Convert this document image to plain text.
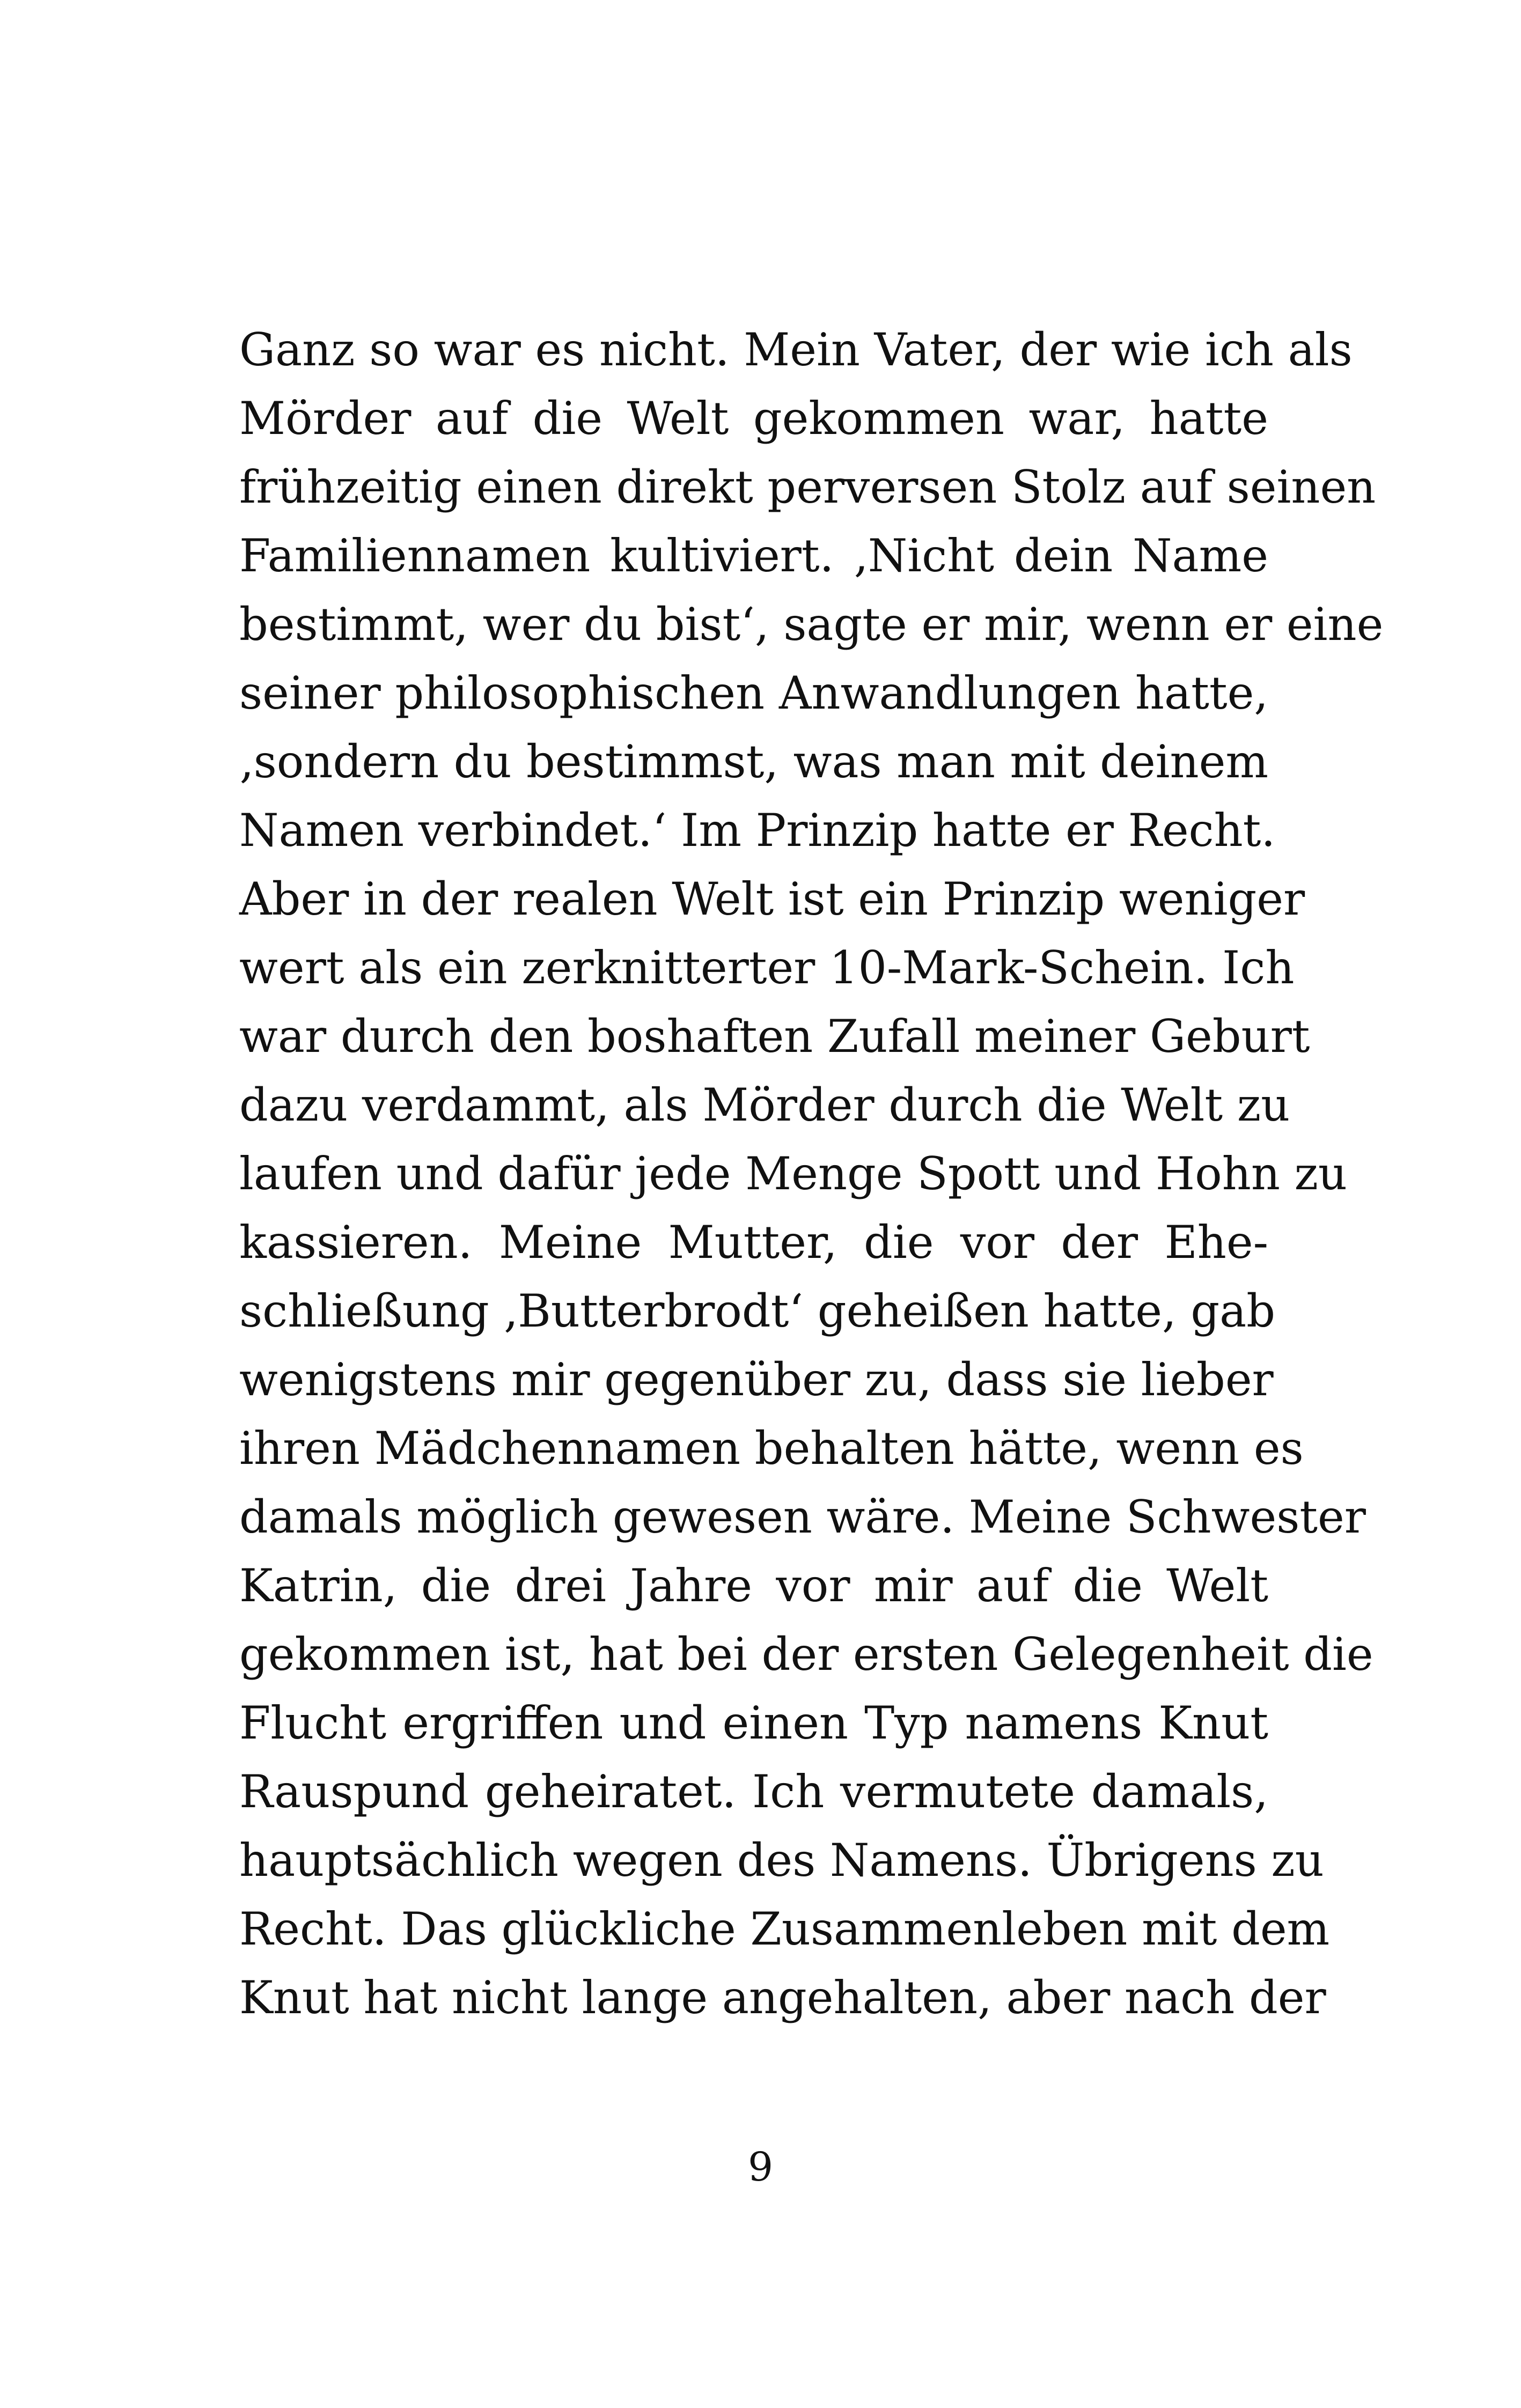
Ganz so war es nicht. Mein Vater, der wie ich als
Mörder auf die Welt gekommen war, hatte
frühzeitig einen direkt perversen Stolz auf seinen
Familiennamen kultiviert. ‚Nicht dein Name
bestimmt, wer du bist‘, sagte er mir, wenn er eine
seiner philosophischen Anwandlungen hatte,
‚sondern du bestimmst, was man mit deinem
Namen verbindet.‘ Im Prinzip hatte er Recht.
Aber in der realen Welt ist ein Prinzip weniger
wert als ein zerknitterter 10-Mark-Schein. Ich
war durch den boshaften Zufall meiner Geburt
dazu verdammt, als Mörder durch die Welt zu
laufen und dafür jede Menge Spott und Hohn zu
kassieren. Meine Mutter, die vor der Ehe-
schließung ‚Butterbrodt‘ geheißen hatte, gab
wenigstens mir gegenüber zu, dass sie lieber
ihren Mädchennamen behalten hätte, wenn es
damals möglich gewesen wäre. Meine Schwester
Katrin, die drei Jahre vor mir auf die Welt
gekommen ist, hat bei der ersten Gelegenheit die
Flucht ergriffen und einen Typ namens Knut
Rauspund geheiratet. Ich vermutete damals,
hauptsächlich wegen des Namens. Übrigens zu
Recht. Das glückliche Zusammenleben mit dem
Knut hat nicht lange angehalten, aber nach der
9
